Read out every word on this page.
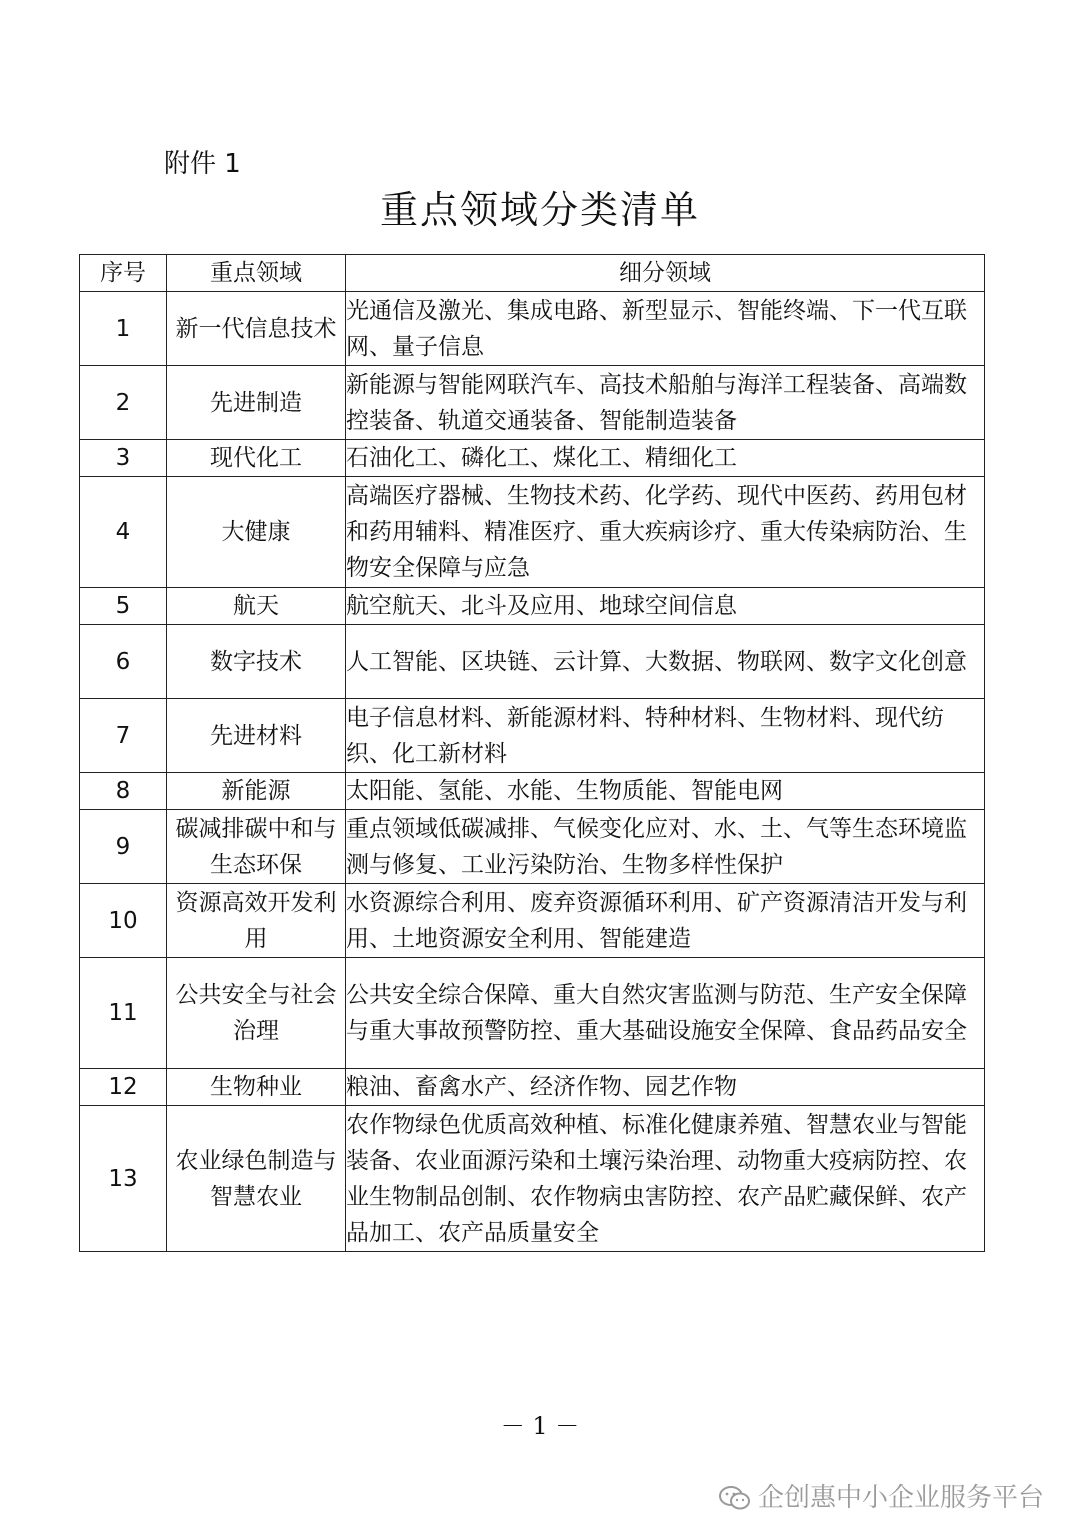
附件 1
重点领域分类清单
序号	重点领域	细分领域
1	新一代信息技术	光通信及激光、集成电路、新型显示、智能终端、下一代互联网、量子信息
2	先进制造	新能源与智能网联汽车、高技术船舶与海洋工程装备、高端数控装备、轨道交通装备、智能制造装备
3	现代化工	石油化工、磷化工、煤化工、精细化工
4	大健康	高端医疗器械、生物技术药、化学药、现代中医药、药用包材和药用辅料、精准医疗、重大疾病诊疗、重大传染病防治、生物安全保障与应急
5	航天	航空航天、北斗及应用、地球空间信息
6	数字技术	人工智能、区块链、云计算、大数据、物联网、数字文化创意
7	先进材料	电子信息材料、新能源材料、特种材料、生物材料、现代纺织、化工新材料
8	新能源	太阳能、氢能、水能、生物质能、智能电网
9	碳减排碳中和与生态环保	重点领域低碳减排、气候变化应对、水、土、气等生态环境监测与修复、工业污染防治、生物多样性保护
10	资源高效开发利用	水资源综合利用、废弃资源循环利用、矿产资源清洁开发与利用、土地资源安全利用、智能建造
11	公共安全与社会治理	公共安全综合保障、重大自然灾害监测与防范、生产安全保障与重大事故预警防控、重大基础设施安全保障、食品药品安全
12	生物种业	粮油、畜禽水产、经济作物、园艺作物
13	农业绿色制造与智慧农业	农作物绿色优质高效种植、标准化健康养殖、智慧农业与智能装备、农业面源污染和土壤污染治理、动物重大疫病防控、农业生物制品创制、农作物病虫害防控、农产品贮藏保鲜、农产品加工、农产品质量安全
－ 1 －
企创惠中小企业服务平台
